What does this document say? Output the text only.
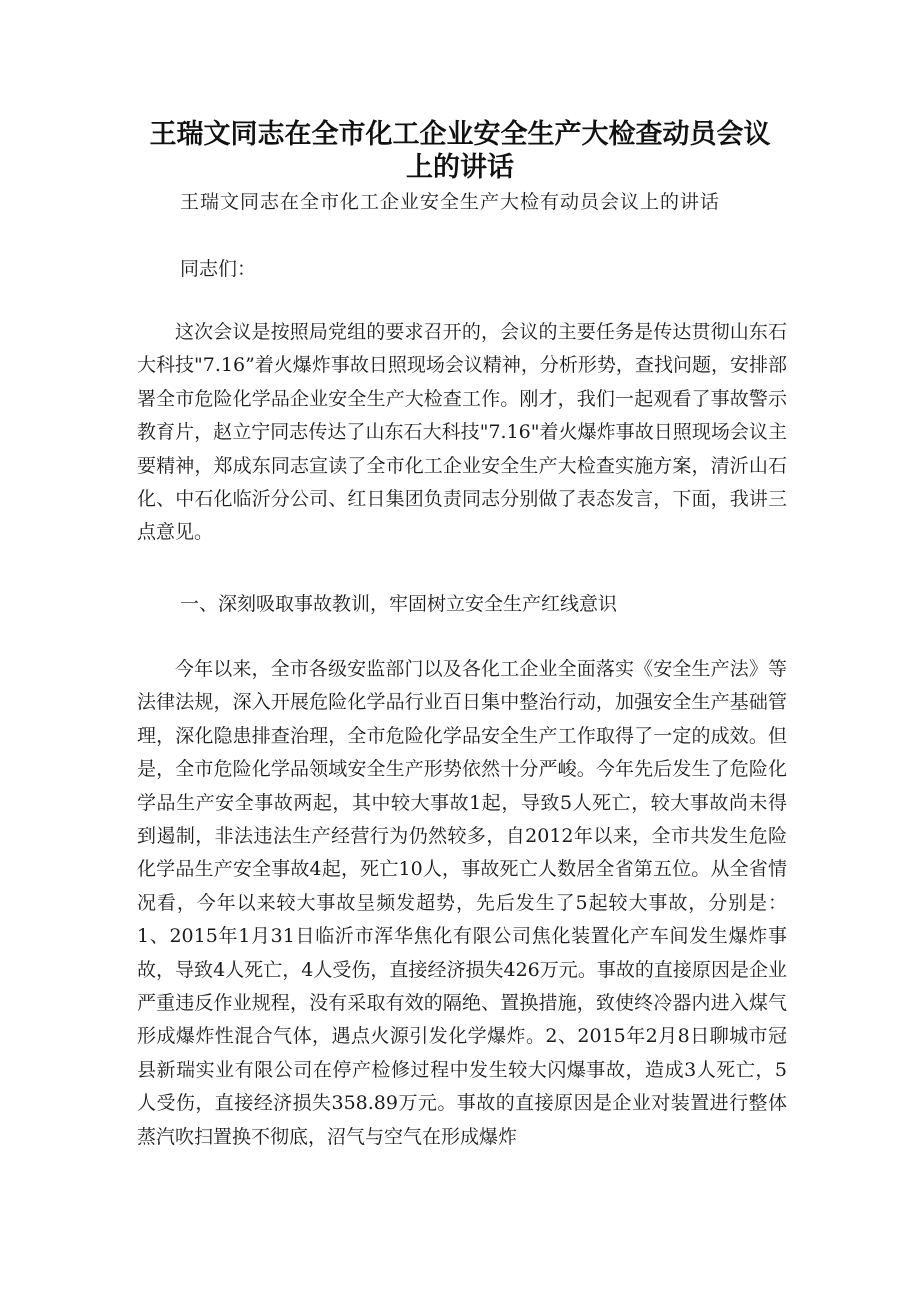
王瑞文同志在全市化工企业安全生产大检查动员会议
上的讲话

王瑞文同志在全市化工企业安全生产大检有动员会议上的讲话

同志们：

这次会议是按照局党组的要求召开的，会议的主要任务是传达贯彻山东石大科技"7.16”着火爆炸事故日照现场会议精神，分析形势，查找问题，安排部署全市危险化学品企业安全生产大检查工作。刚才，我们一起观看了事故警示教育片，赵立宁同志传达了山东石大科技"7.16"着火爆炸事故日照现场会议主要精神，郑成东同志宣读了全市化工企业安全生产大检查实施方案，清沂山石化、中石化临沂分公司、红日集团负责同志分别做了表态发言，下面，我讲三点意见。

一、深刻吸取事故教训，牢固树立安全生产红线意识

今年以来，全市各级安监部门以及各化工企业全面落实《安全生产法》等法律法规，深入开展危险化学品行业百日集中整治行动，加强安全生产基础管理，深化隐患排查治理，全市危险化学品安全生产工作取得了一定的成效。但是，全市危险化学品领域安全生产形势依然十分严峻。今年先后发生了危险化学品生产安全事故两起，其中较大事故1起，导致5人死亡，较大事故尚未得到遏制，非法违法生产经营行为仍然较多，自2012年以来，全市共发生危险化学品生产安全事故4起，死亡10人，事故死亡人数居全省第五位。从全省情况看，今年以来较大事故呈频发超势，先后发生了5起较大事故，分别是：1、2015年1月31日临沂市浑华焦化有限公司焦化装置化产车间发生爆炸事故，导致4人死亡，4人受伤，直接经济损失426万元。事故的直接原因是企业严重违反作业规程，没有采取有效的隔绝、置换措施，致使终冷器内进入煤气形成爆炸性混合气体，遇点火源引发化学爆炸。2、2015年2月8日聊城市冠县新瑞实业有限公司在停产检修过程中发生较大闪爆事故，造成3人死亡，5人受伤，直接经济损失358.89万元。事故的直接原因是企业对装置进行整体蒸汽吹扫置换不彻底，沼气与空气在形成爆炸
